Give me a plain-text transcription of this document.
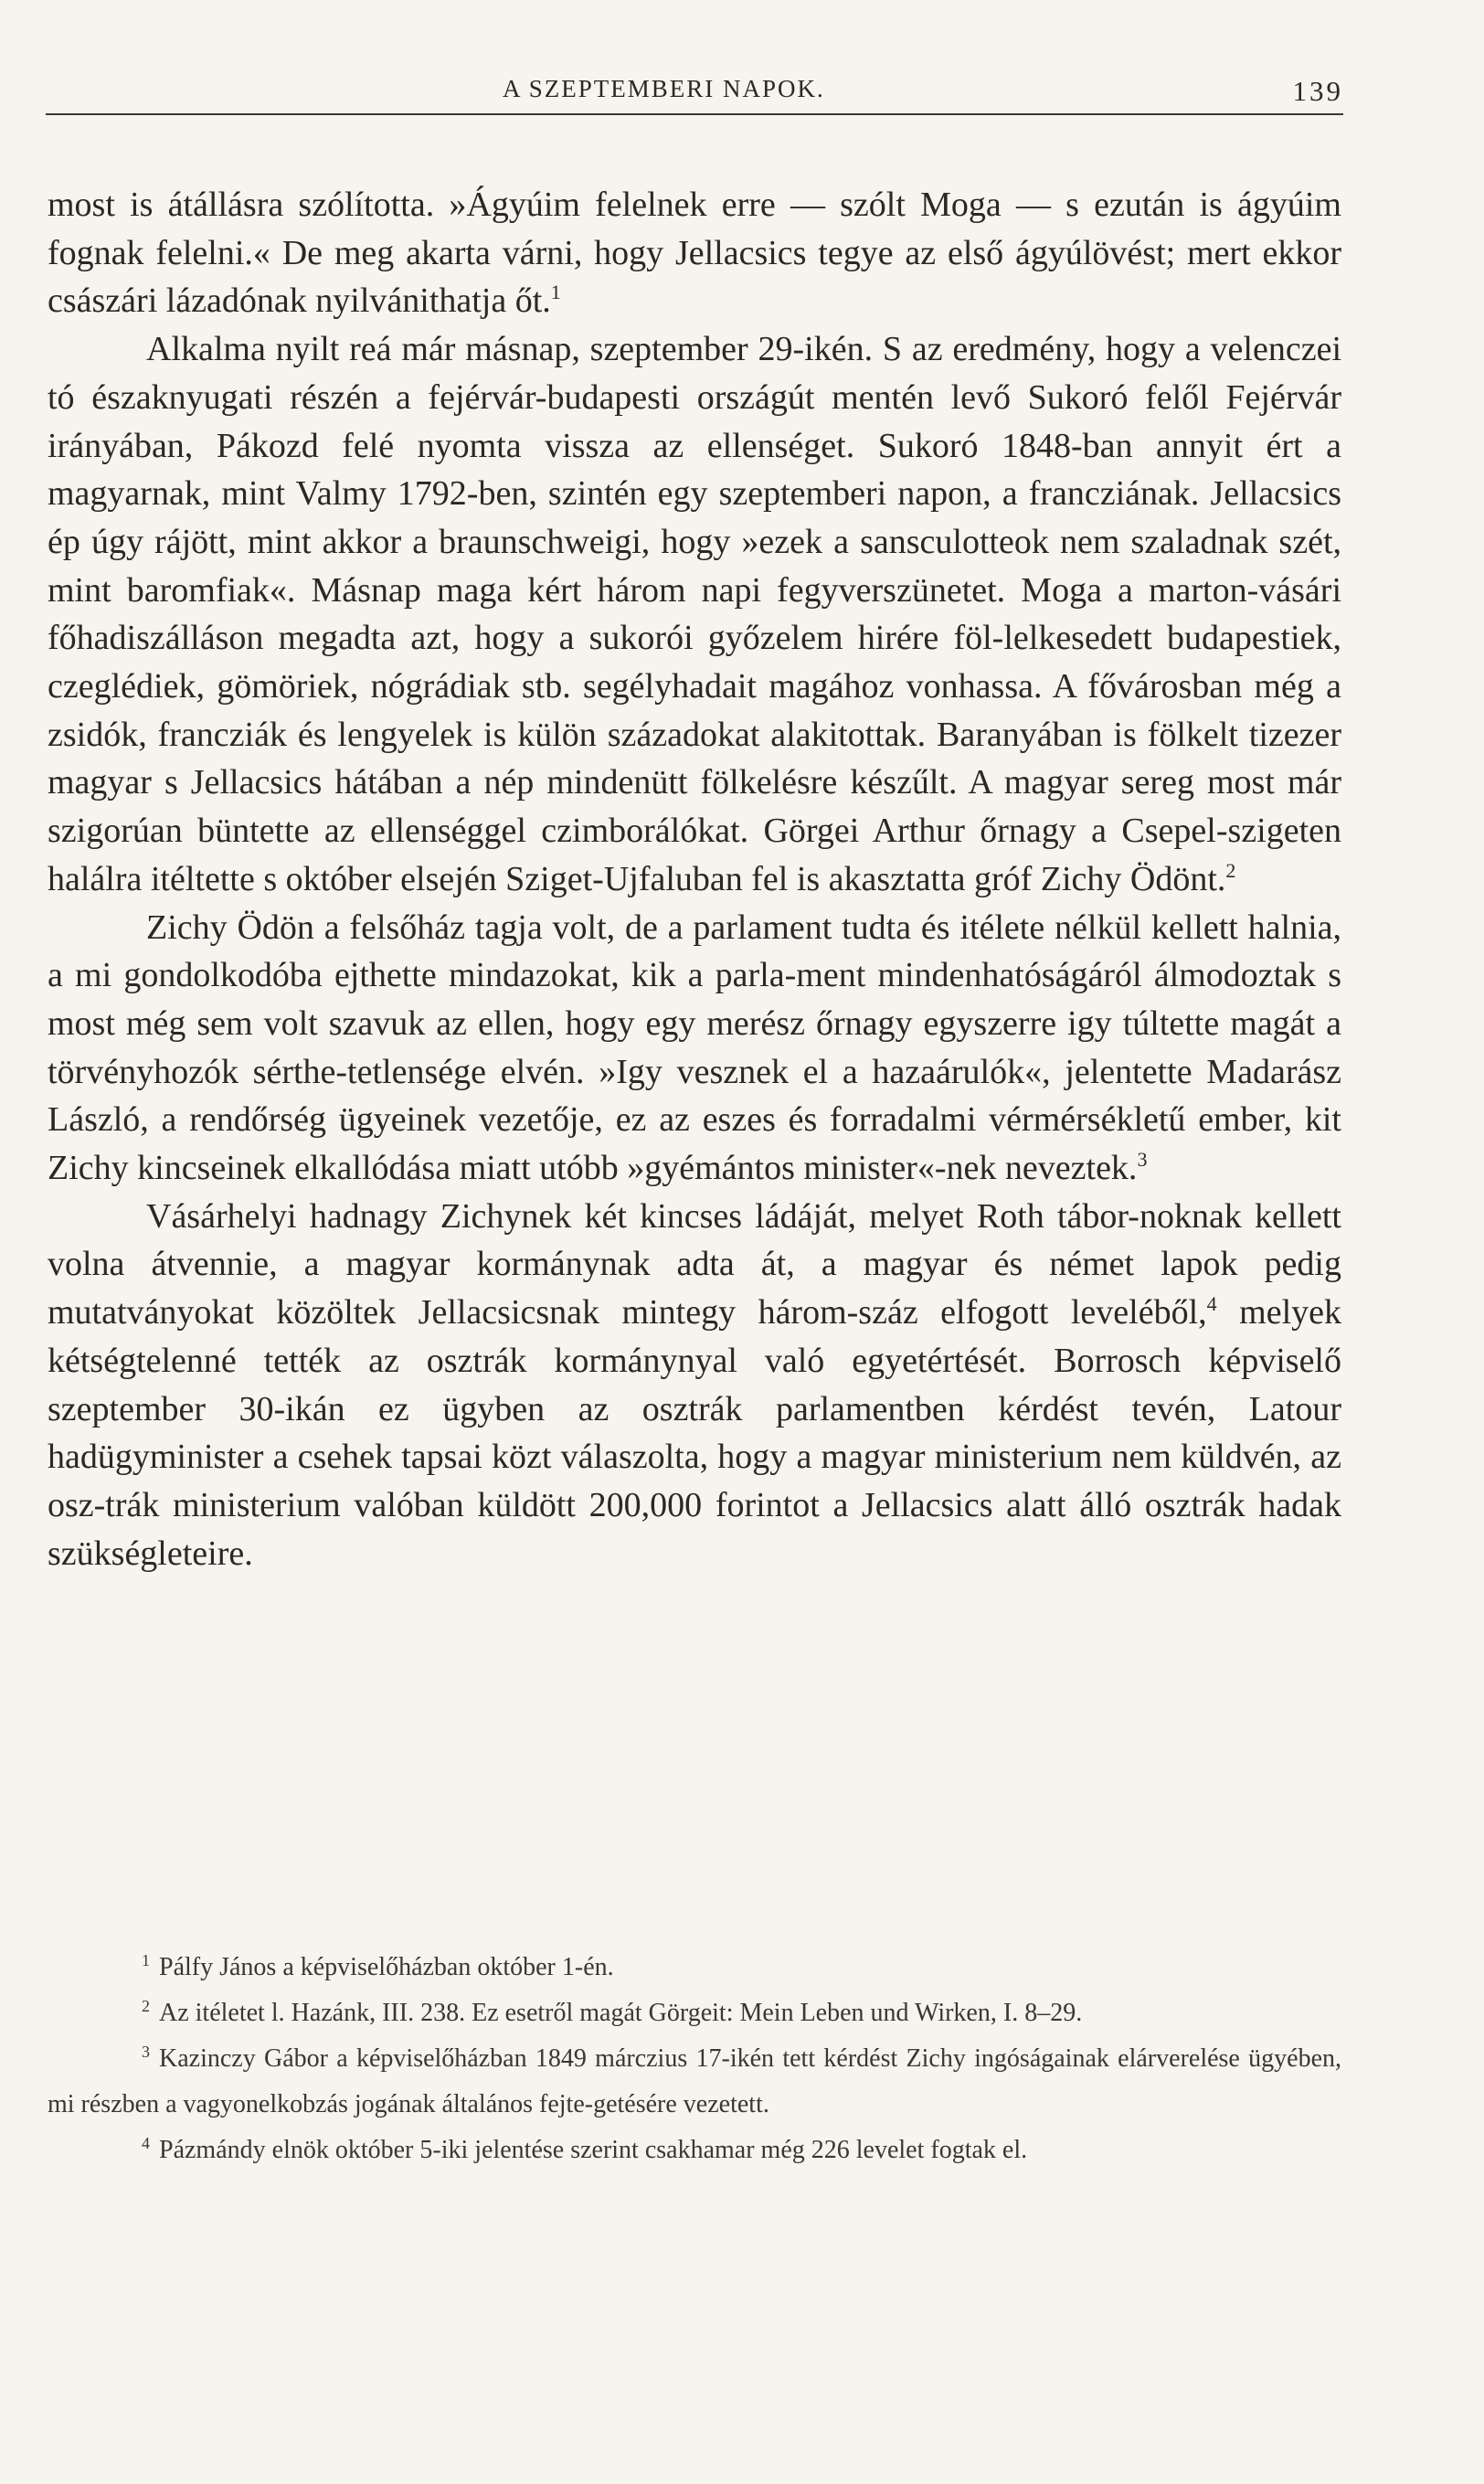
A SZEPTEMBERI NAPOK.	139

most is átállásra szólította. »Ágyúim felelnek erre — szólt Moga — s ezután is ágyúim fognak felelni.« De meg akarta várni, hogy Jellacsics tegye az első ágyúlövést; mert ekkor császári lázadónak nyilvánithatja őt.$^1$

Alkalma nyilt reá már másnap, szeptember 29-ikén. S az eredmény, hogy a velenczei tó északnyugati részén a fejérvár-budapesti országút mentén levő Sukoró felől Fejérvár irányában, Pákozd felé nyomta vissza az ellenséget. Sukoró 1848-ban annyit ért a magyarnak, mint Valmy 1792-ben, szintén egy szeptemberi napon, a francziának. Jellacsics ép úgy rájött, mint akkor a braunschweigi, hogy »ezek a sansculotteok nem szaladnak szét, mint baromfiak«. Másnap maga kért három napi fegyverszünetet. Moga a marton-vásári főhadiszálláson megadta azt, hogy a sukorói győzelem hirére föl-lelkesedett budapestiek, czeglédiek, gömöriek, nógrádiak stb. segélyhadait magához vonhassa. A fővárosban még a zsidók, francziák és lengyelek is külön századokat alakitottak. Baranyában is fölkelt tizezer magyar s Jellacsics hátában a nép mindenütt fölkelésre készűlt. A magyar sereg most már szigorúan büntette az ellenséggel czimborálókat. Görgei Arthur őrnagy a Csepel-szigeten halálra itéltette s október elsején Sziget-Ujfaluban fel is akasztatta gróf Zichy Ödönt.$^2$

Zichy Ödön a felsőház tagja volt, de a parlament tudta és itélete nélkül kellett halnia, a mi gondolkodóba ejthette mindazokat, kik a parla-ment mindenhatóságáról álmodoztak s most még sem volt szavuk az ellen, hogy egy merész őrnagy egyszerre igy túltette magát a törvényhozók sérthe-tetlensége elvén. »Igy vesznek el a hazaárulók«, jelentette Madarász László, a rendőrség ügyeinek vezetője, ez az eszes és forradalmi vérmérsékletű ember, kit Zichy kincseinek elkallódása miatt utóbb »gyémántos minister«-nek neveztek.$^3$

Vásárhelyi hadnagy Zichynek két kincses ládáját, melyet Roth tábor-noknak kellett volna átvennie, a magyar kormánynak adta át, a magyar és német lapok pedig mutatványokat közöltek Jellacsicsnak mintegy három-száz elfogott leveléből,$^4$ melyek kétségtelenné tették az osztrák kormánynyal való egyetértését. Borrosch képviselő szeptember 30-ikán ez ügyben az osztrák parlamentben kérdést tevén, Latour hadügyminister a csehek tapsai közt válaszolta, hogy a magyar ministerium nem küldvén, az osz-trák ministerium valóban küldött 200,000 forintot a Jellacsics alatt álló osztrák hadak szükségleteire.

$^1$ Pálfy János a képviselőházban október 1-én.

$^2$ Az itéletet l. Hazánk, III. 238. Ez esetről magát Görgeit: Mein Leben und Wirken, I. 8–29.

$^3$ Kazinczy Gábor a képviselőházban 1849 márczius 17-ikén tett kérdést Zichy ingóságainak elárverelése ügyében, mi részben a vagyonelkobzás jogának általános fejte-getésére vezetett.

$^4$ Pázmándy elnök október 5-iki jelentése szerint csakhamar még 226 levelet fogtak el.
